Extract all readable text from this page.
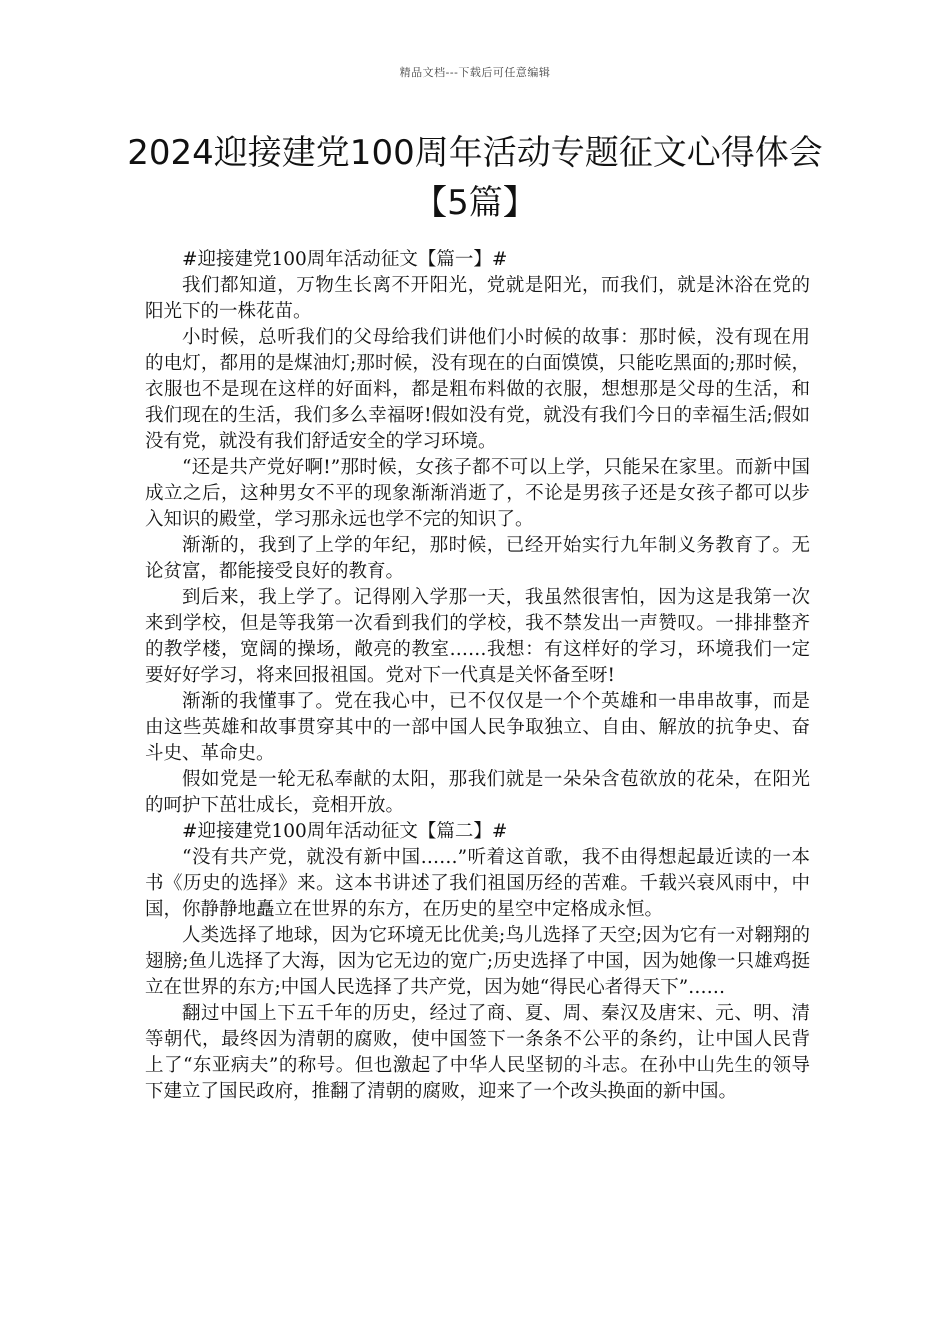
精品文档---下载后可任意编辑
2024迎接建党100周年活动专题征文心得体会【5篇】

#迎接建党100周年活动征文【篇一】#

我们都知道，万物生长离不开阳光，党就是阳光，而我们，就是沐浴在党的阳光下的一株花苗。

小时候，总听我们的父母给我们讲他们小时候的故事：那时候，没有现在用的电灯，都用的是煤油灯;那时候，没有现在的白面馍馍，只能吃黑面的;那时候，衣服也不是现在这样的好面料，都是粗布料做的衣服，想想那是父母的生活，和我们现在的生活，我们多么幸福呀!假如没有党，就没有我们今日的幸福生活;假如没有党，就没有我们舒适安全的学习环境。

“还是共产党好啊!”那时候，女孩子都不可以上学，只能呆在家里。而新中国成立之后，这种男女不平的现象渐渐消逝了，不论是男孩子还是女孩子都可以步入知识的殿堂，学习那永远也学不完的知识了。

渐渐的，我到了上学的年纪，那时候，已经开始实行九年制义务教育了。无论贫富，都能接受良好的教育。

到后来，我上学了。记得刚入学那一天，我虽然很害怕，因为这是我第一次来到学校，但是等我第一次看到我们的学校，我不禁发出一声赞叹。一排排整齐的教学楼，宽阔的操场，敞亮的教室……我想：有这样好的学习，环境我们一定要好好学习，将来回报祖国。党对下一代真是关怀备至呀!

渐渐的我懂事了。党在我心中，已不仅仅是一个个英雄和一串串故事，而是由这些英雄和故事贯穿其中的一部中国人民争取独立、自由、解放的抗争史、奋斗史、革命史。

假如党是一轮无私奉献的太阳，那我们就是一朵朵含苞欲放的花朵，在阳光的呵护下茁壮成长，竞相开放。

#迎接建党100周年活动征文【篇二】#

“没有共产党，就没有新中国……”听着这首歌，我不由得想起最近读的一本书《历史的选择》来。这本书讲述了我们祖国历经的苦难。千载兴衰风雨中，中国，你静静地矗立在世界的东方，在历史的星空中定格成永恒。

人类选择了地球，因为它环境无比优美;鸟儿选择了天空;因为它有一对翱翔的翅膀;鱼儿选择了大海，因为它无边的宽广;历史选择了中国，因为她像一只雄鸡挺立在世界的东方;中国人民选择了共产党，因为她“得民心者得天下”……

翻过中国上下五千年的历史，经过了商、夏、周、秦汉及唐宋、元、明、清等朝代，最终因为清朝的腐败，使中国签下一条条不公平的条约，让中国人民背上了“东亚病夫”的称号。但也激起了中华人民坚韧的斗志。在孙中山先生的领导下建立了国民政府，推翻了清朝的腐败，迎来了一个改头换面的新中国。
